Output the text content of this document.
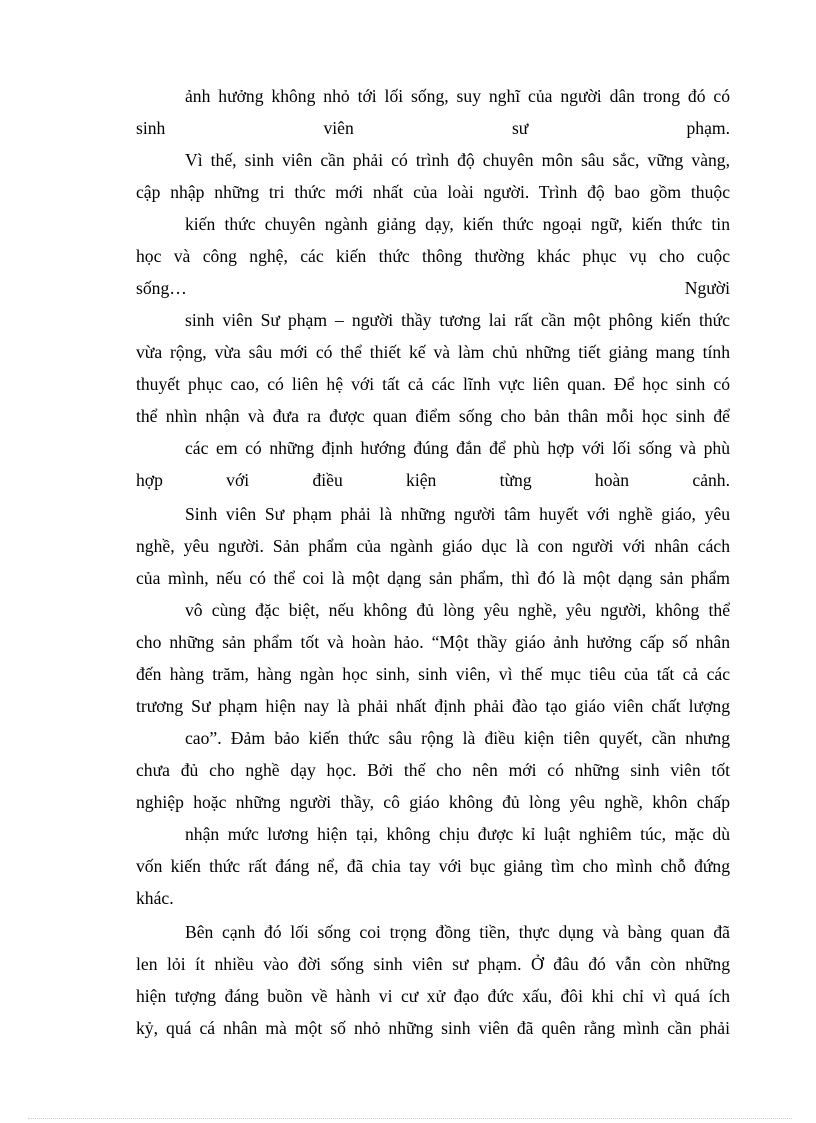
ảnh hưởng không nhỏ tới lối sống, suy nghĩ của người dân trong đó có
sinh viên sư phạm.
Vì thế, sinh viên cần phải có trình độ chuyên môn sâu sắc, vững vàng,
cập nhập những tri thức mới nhất của loài người. Trình độ bao gồm thuộc
kiến thức chuyên ngành giảng dạy, kiến thức ngoại ngữ, kiến thức tin
học và công nghệ, các kiến thức thông thường khác phục vụ cho cuộc
sống… Người
sinh viên Sư phạm – người thầy tương lai rất cần một phông kiến thức
vừa rộng, vừa sâu mới có thể thiết kế và làm chủ những tiết giảng mang tính
thuyết phục cao, có liên hệ với tất cả các lĩnh vực liên quan. Để học sinh có
thể nhìn nhận và đưa ra được quan điểm sống cho bản thân mỗi học sinh để
các em có những định hướng đúng đắn để phù hợp với lối sống và phù
hợp với điều kiện từng hoàn cảnh.
Sinh viên Sư phạm phải là những người tâm huyết với nghề giáo, yêu
nghề, yêu người. Sản phẩm của ngành giáo dục là con người với nhân cách
của mình, nếu có thể coi là một dạng sản phẩm, thì đó là một dạng sản phẩm
vô cùng đặc biệt, nếu không đủ lòng yêu nghề, yêu người, không thể
cho những sản phẩm tốt và hoàn hảo. “Một thầy giáo ảnh hưởng cấp số nhân
đến hàng trăm, hàng ngàn học sinh, sinh viên, vì thế mục tiêu của tất cả các
trương Sư phạm hiện nay là phải nhất định phải đào tạo giáo viên chất lượng
cao”. Đảm bảo kiến thức sâu rộng là điều kiện tiên quyết, cần nhưng
chưa đủ cho nghề dạy học. Bởi thế cho nên mới có những sinh viên tốt
nghiệp hoặc những người thầy, cô giáo không đủ lòng yêu nghề, khôn chấp
nhận mức lương hiện tại, không chịu được kỉ luật nghiêm túc, mặc dù
vốn kiến thức rất đáng nể, đã chia tay với bục giảng tìm cho mình chỗ đứng
khác.
Bên cạnh đó lối sống coi trọng đồng tiền, thực dụng và bàng quan đã
len lỏi ít nhiều vào đời sống sinh viên sư phạm. Ở đâu đó vẫn còn những
hiện tượng đáng buồn về hành vi cư xử đạo đức xấu, đôi khi chỉ vì quá ích
kỷ, quá cá nhân mà một số nhỏ những sinh viên đã quên rằng mình cần phải
